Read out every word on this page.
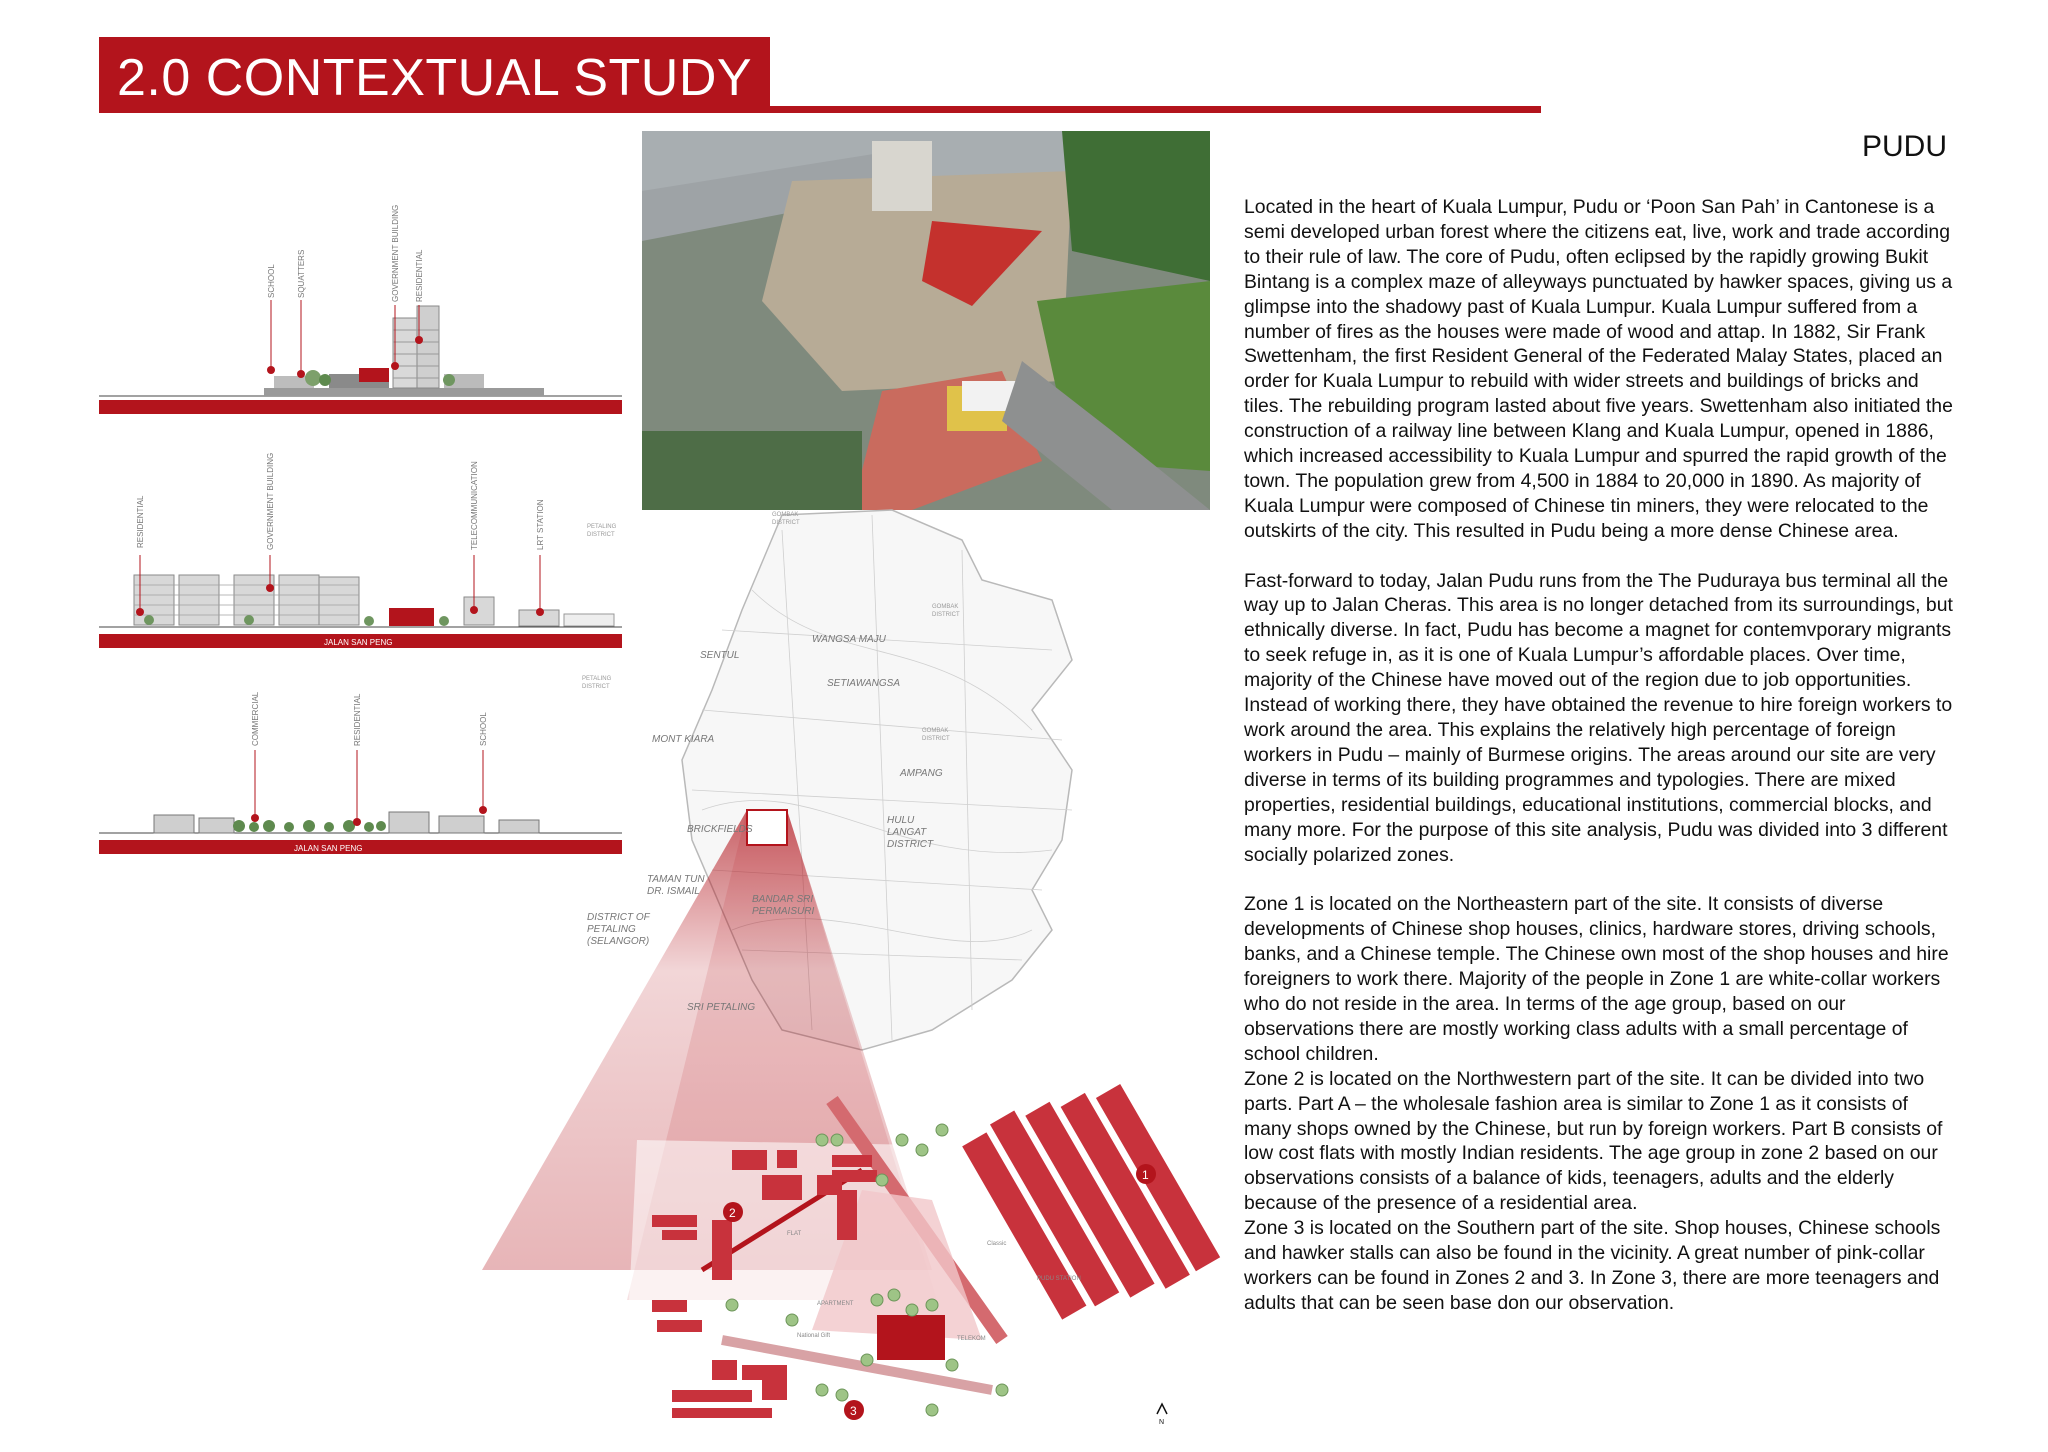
2.0 CONTEXTUAL STUDY
SCHOOL	SQUATTERS	GOVERNMENT BUILDING RESIDENTIAL
JALAN SAN PENG
RESIDENTIAL	GOVERNMENT BUILDING	TELECOMMUNICATION	LRT STATION
JALAN SAN PENG
COMMERCIAL	RESIDENTIAL	SCHOOL
SENTUL
WANGSA MAJU
SETIAWANGSA
MONT KIARA
AMPANG
BRICKFIELDS
HULU
LANGAT
DISTRICT
TAMAN TUN
DR. ISMAIL
BANDAR SRI
PERMAISURI
SRI PETALING
DISTRICT OF
PETALING
(SELANGOR)
GOMBAK
DISTRICT
PETALING
DISTRICT
GOMBAK
DISTRICT
GOMBAK
DISTRICT
PETALING
DISTRICT
FLAT
APARTMENT
National Gift	TELEKOM
Classic
PUDU STATION
1
2
3
N
PUDU

Located in the heart of Kuala Lumpur, Pudu or ‘Poon San Pah’ in Cantonese is a semi developed urban forest where the citizens eat, live, work and trade according to their rule of law. The core of Pudu, often eclipsed by the rapidly growing Bukit Bintang is a complex maze of alleyways punctuated by hawker spaces, giving us a glimpse into the shadowy past of Kuala Lumpur. Kuala Lumpur suffered from a number of fires as the houses were made of wood and attap. In 1882, Sir Frank Swettenham, the first Resident General of the Federated Malay States, placed an order for Kuala Lumpur to rebuild with wider streets and buildings of bricks and tiles. The rebuilding program lasted about five years. Swettenham also initiated the construction of a railway line between Klang and Kuala Lumpur, opened in 1886, which increased accessibility to Kuala Lumpur and spurred the rapid growth of the town. The population grew from 4,500 in 1884 to 20,000 in 1890. As majority of Kuala Lumpur were composed of Chinese tin miners, they were relocated to the outskirts of the city. This resulted in Pudu being a more dense Chinese area.

Fast-forward to today, Jalan Pudu runs from the The Puduraya bus terminal all the way up to Jalan Cheras. This area is no longer detached from its surroundings, but ethnically diverse. In fact, Pudu has become a magnet for contemvporary migrants to seek refuge in, as it is one of Kuala Lumpur’s affordable places. Over time, majority of the Chinese have moved out of the region due to job opportunities. Instead of working there, they have obtained the revenue to hire foreign workers to work around the area. This explains the relatively high percentage of foreign workers in Pudu – mainly of Burmese origins. The areas around our site are very diverse in terms of its building programmes and typologies. There are mixed properties, residential buildings, educational institutions, commercial blocks, and many more. For the purpose of this site analysis, Pudu was divided into 3 different socially polarized zones.

Zone 1 is located on the Northeastern part of the site. It consists of diverse developments of Chinese shop houses, clinics, hardware stores, driving schools, banks, and a Chinese temple. The Chinese own most of the shop houses and hire foreigners to work there. Majority of the people in Zone 1 are white-collar workers who do not reside in the area. In terms of the age group, based on our observations there are mostly working class adults with a small percentage of school children.

Zone 2 is located on the Northwestern part of the site. It can be divided into two parts. Part A – the wholesale fashion area is similar to Zone 1 as it consists of many shops owned by the Chinese, but run by foreign workers. Part B consists of low cost flats with mostly Indian residents. The age group in zone 2 based on our observations consists of a balance of kids, teenagers, adults and the elderly because of the presence of a residential area.

Zone 3 is located on the Southern part of the site. Shop houses, Chinese schools and hawker stalls can also be found in the vicinity. A great number of pink-collar workers can be found in Zones 2 and 3. In Zone 3, there are more teenagers and adults that can be seen base don our observation.
